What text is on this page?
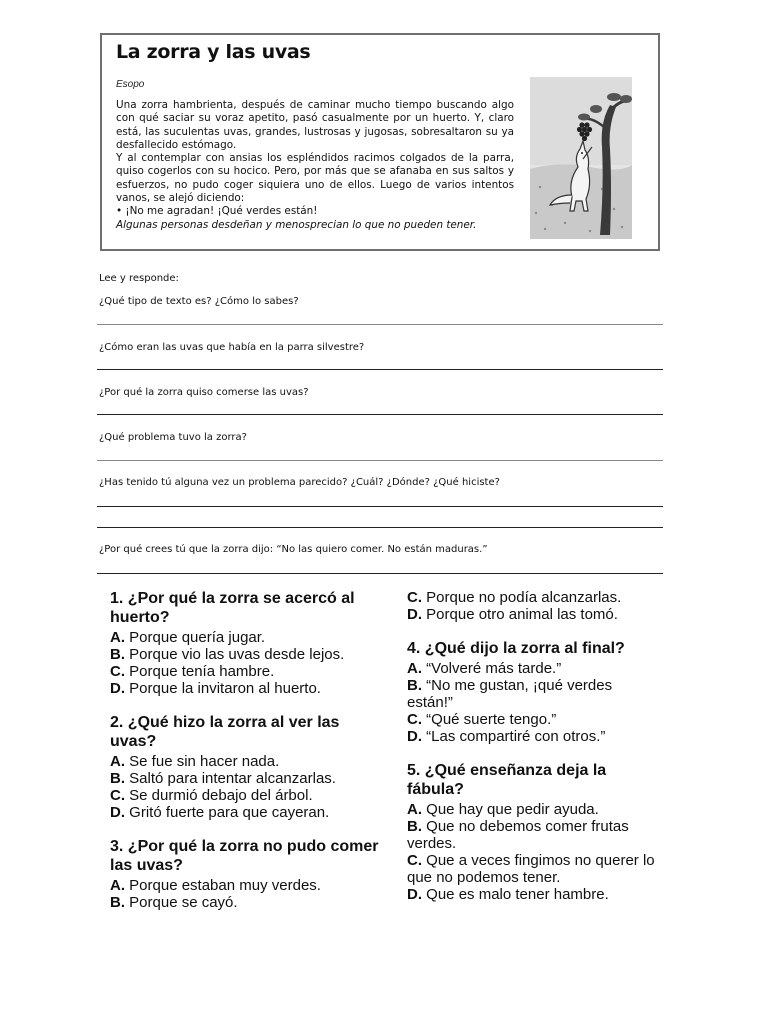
La zorra y las uvas
Esopo

Una zorra hambrienta, después de caminar mucho tiempo buscando algo con qué saciar su voraz apetito, pasó casualmente por un huerto. Y, claro está, las suculentas uvas, grandes, lustrosas y jugosas, sobresaltaron su ya desfallecido estómago.

Y al contemplar con ansias los espléndidos racimos colgados de la parra, quiso cogerlos con su hocico. Pero, por más que se afanaba en sus saltos y esfuerzos, no pudo coger siquiera uno de ellos. Luego de varios intentos vanos, se alejó diciendo:

• ¡No me agradan! ¡Qué verdes están!

Algunas personas desdeñan y menosprecian lo que no pueden tener.

Lee y responde:
¿Qué tipo de texto es? ¿Cómo lo sabes?
¿Cómo eran las uvas que había en la parra silvestre?
¿Por qué la zorra quiso comerse las uvas?
¿Qué problema tuvo la zorra?
¿Has tenido tú alguna vez un problema parecido? ¿Cuál? ¿Dónde? ¿Qué hiciste?
¿Por qué crees tú que la zorra dijo: “No las quiero comer. No están maduras.”
1. ¿Por qué la zorra se acercó al huerto?
A. Porque quería jugar.
B. Porque vio las uvas desde lejos.
C. Porque tenía hambre.
D. Porque la invitaron al huerto.
2. ¿Qué hizo la zorra al ver las uvas?
A. Se fue sin hacer nada.
B. Saltó para intentar alcanzarlas.
C. Se durmió debajo del árbol.
D. Gritó fuerte para que cayeran.
3. ¿Por qué la zorra no pudo comer las uvas?
A. Porque estaban muy verdes.
B. Porque se cayó.
C. Porque no podía alcanzarlas.
D. Porque otro animal las tomó.
4. ¿Qué dijo la zorra al final?
A. “Volveré más tarde.”
B. “No me gustan, ¡qué verdes están!”
C. “Qué suerte tengo.”
D. “Las compartiré con otros.”
5. ¿Qué enseñanza deja la fábula?
A. Que hay que pedir ayuda.
B. Que no debemos comer frutas verdes.
C. Que a veces fingimos no querer lo que no podemos tener.
D. Que es malo tener hambre.
